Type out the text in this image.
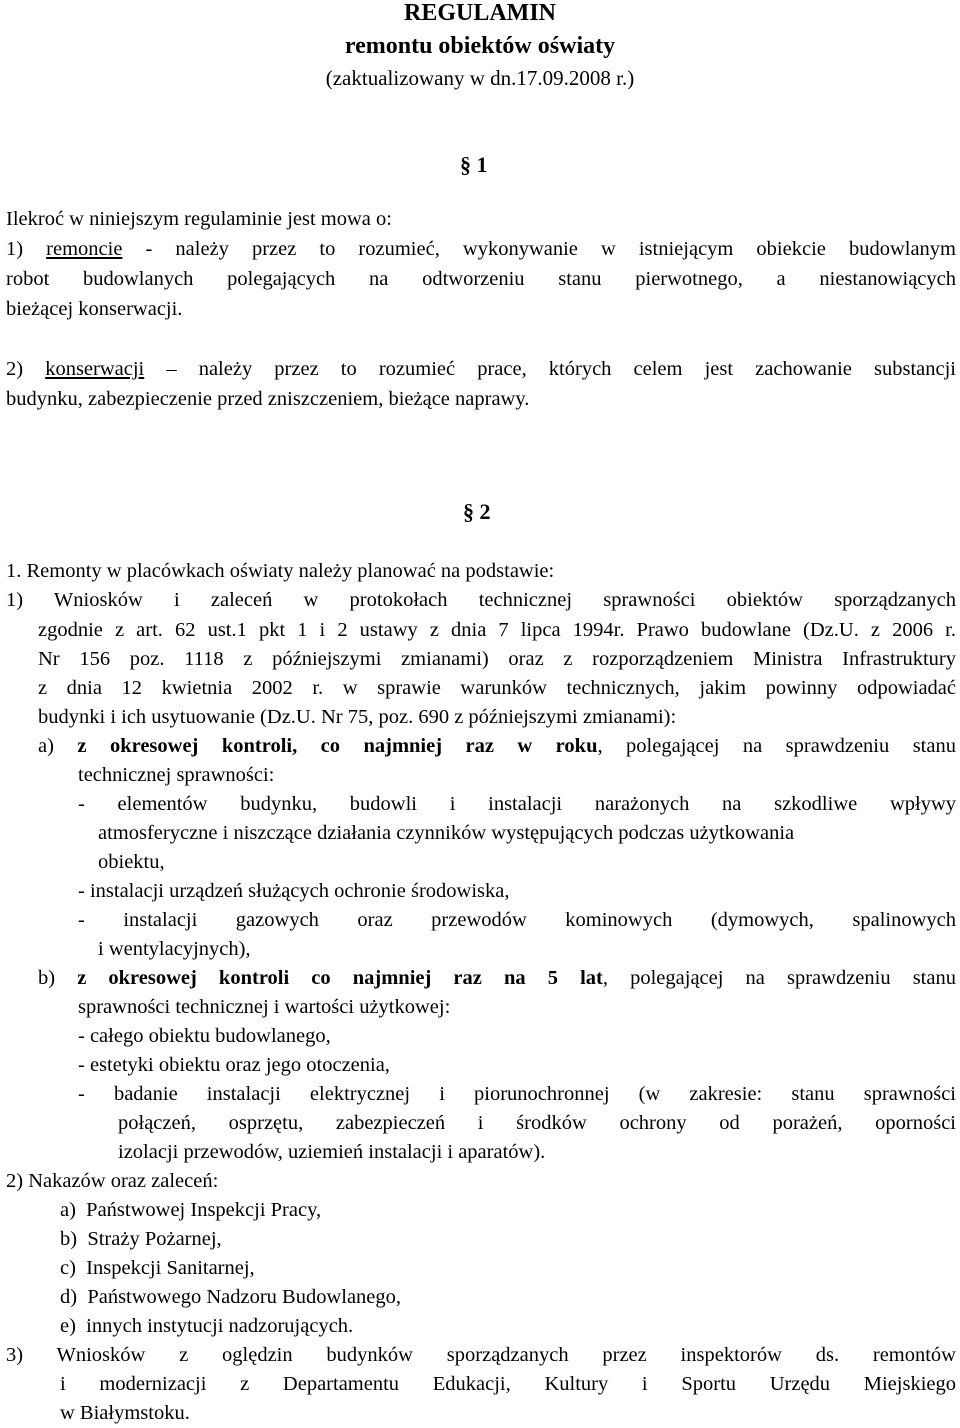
REGULAMIN
remontu obiektów oświaty
(zaktualizowany w dn.17.09.2008 r.)
§ 1
Ilekroć w niniejszym regulaminie jest mowa o:
1) remoncie - należy przez to rozumieć, wykonywanie w istniejącym obiekcie budowlanym
robot budowlanych polegających na odtworzeniu stanu pierwotnego, a niestanowiących
bieżącej konserwacji.
2) konserwacji – należy przez to rozumieć prace, których celem jest zachowanie substancji
budynku, zabezpieczenie przed zniszczeniem, bieżące naprawy.
§ 2
1. Remonty w placówkach oświaty należy planować na podstawie:
1) Wniosków i zaleceń w protokołach technicznej sprawności obiektów sporządzanych
zgodnie z art. 62 ust.1 pkt 1 i 2 ustawy z dnia 7 lipca 1994r. Prawo budowlane (Dz.U. z 2006 r.
Nr 156 poz. 1118 z późniejszymi zmianami) oraz z rozporządzeniem Ministra Infrastruktury
z dnia 12 kwietnia 2002 r. w sprawie warunków technicznych, jakim powinny odpowiadać
budynki i ich usytuowanie (Dz.U. Nr 75, poz. 690 z późniejszymi zmianami):
a) z okresowej kontroli, co najmniej raz w roku, polegającej na sprawdzeniu stanu
technicznej sprawności:
- elementów budynku, budowli i instalacji narażonych na szkodliwe wpływy
atmosferyczne i niszczące działania czynników występujących podczas użytkowania
obiektu,
- instalacji urządzeń służących ochronie środowiska,
- instalacji gazowych oraz przewodów kominowych (dymowych, spalinowych
i wentylacyjnych),
b) z okresowej kontroli co najmniej raz na 5 lat, polegającej na sprawdzeniu stanu
sprawności technicznej i wartości użytkowej:
- całego obiektu budowlanego,
- estetyki obiektu oraz jego otoczenia,
- badanie instalacji elektrycznej i piorunochronnej (w zakresie: stanu sprawności
połączeń, osprzętu, zabezpieczeń i środków ochrony od porażeń, oporności
izolacji przewodów, uziemień instalacji i aparatów).
2) Nakazów oraz zaleceń:
a)  Państwowej Inspekcji Pracy,
b)  Straży Pożarnej,
c)  Inspekcji Sanitarnej,
d)  Państwowego Nadzoru Budowlanego,
e)  innych instytucji nadzorujących.
3) Wniosków z oględzin budynków sporządzanych przez inspektorów ds. remontów
i modernizacji z Departamentu Edukacji, Kultury i Sportu Urzędu Miejskiego
w Białymstoku.
